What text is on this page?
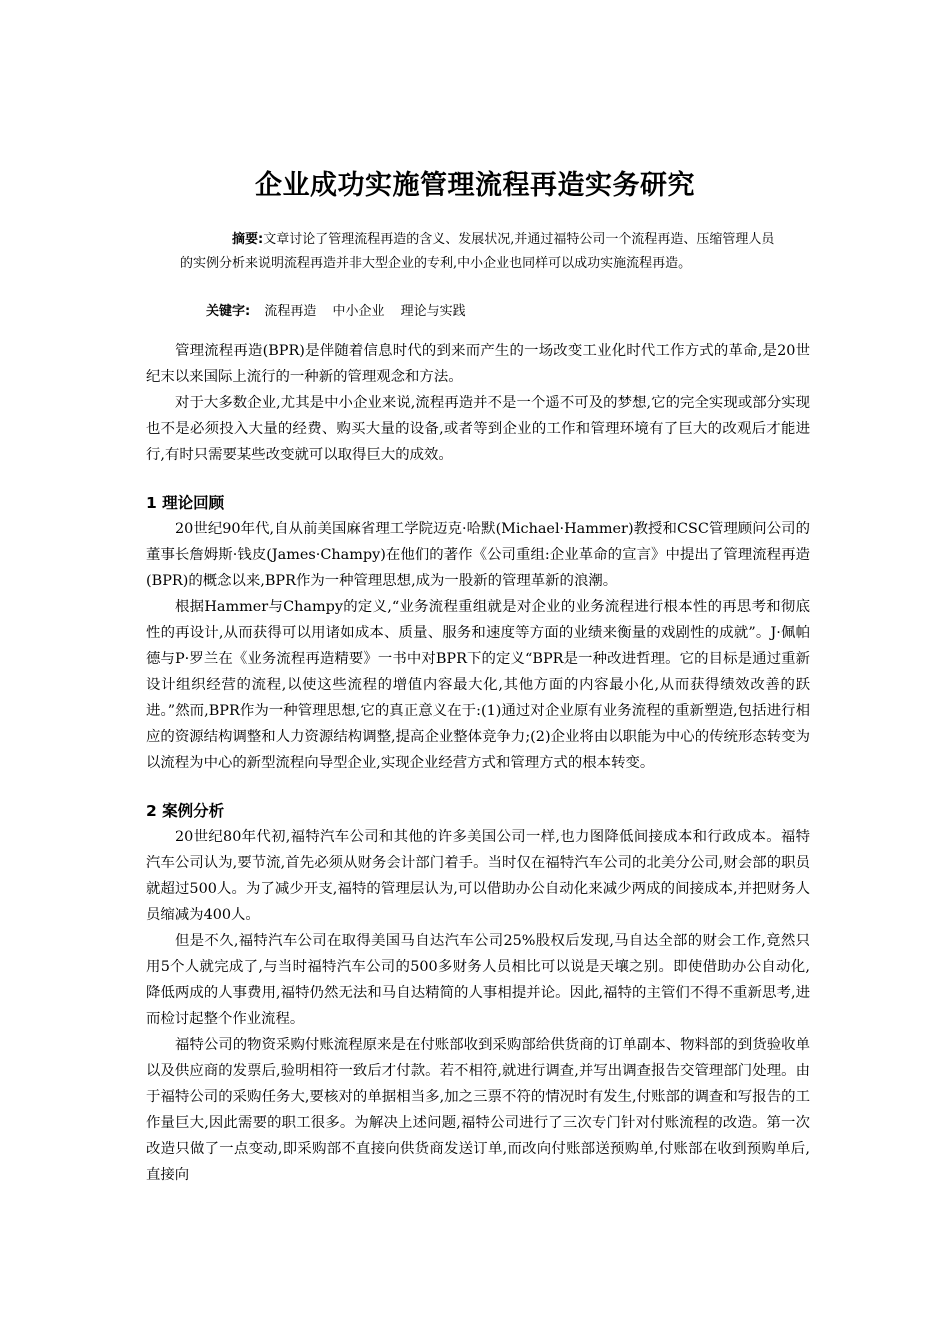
企业成功实施管理流程再造实务研究
摘要:文章讨论了管理流程再造的含义、发展状况,并通过福特公司一个流程再造、压缩管理人员的实例分析来说明流程再造并非大型企业的专利,中小企业也同样可以成功实施流程再造。
关键字: 流程再造 中小企业 理论与实践

管理流程再造(BPR)是伴随着信息时代的到来而产生的一场改变工业化时代工作方式的革命,是20世纪末以来国际上流行的一种新的管理观念和方法。

对于大多数企业,尤其是中小企业来说,流程再造并不是一个遥不可及的梦想,它的完全实现或部分实现也不是必须投入大量的经费、购买大量的设备,或者等到企业的工作和管理环境有了巨大的改观后才能进行,有时只需要某些改变就可以取得巨大的成效。

1 理论回顾

20世纪90年代,自从前美国麻省理工学院迈克·哈默(Michael·Hammer)教授和CSC管理顾问公司的董事长詹姆斯·钱皮(James·Champy)在他们的著作《公司重组:企业革命的宣言》中提出了管理流程再造(BPR)的概念以来,BPR作为一种管理思想,成为一股新的管理革新的浪潮。

根据Hammer与Champy的定义,“业务流程重组就是对企业的业务流程进行根本性的再思考和彻底性的再设计,从而获得可以用诸如成本、质量、服务和速度等方面的业绩来衡量的戏剧性的成就”。J·佩帕德与P·罗兰在《业务流程再造精要》一书中对BPR下的定义“BPR是一种改进哲理。它的目标是通过重新设计组织经营的流程,以使这些流程的增值内容最大化,其他方面的内容最小化,从而获得绩效改善的跃进。”然而,BPR作为一种管理思想,它的真正意义在于:(1)通过对企业原有业务流程的重新塑造,包括进行相应的资源结构调整和人力资源结构调整,提高企业整体竞争力;(2)企业将由以职能为中心的传统形态转变为以流程为中心的新型流程向导型企业,实现企业经营方式和管理方式的根本转变。

2 案例分析

20世纪80年代初,福特汽车公司和其他的许多美国公司一样,也力图降低间接成本和行政成本。福特汽车公司认为,要节流,首先必须从财务会计部门着手。当时仅在福特汽车公司的北美分公司,财会部的职员就超过500人。为了减少开支,福特的管理层认为,可以借助办公自动化来减少两成的间接成本,并把财务人员缩减为400人。

但是不久,福特汽车公司在取得美国马自达汽车公司25%股权后发现,马自达全部的财会工作,竟然只用5个人就完成了,与当时福特汽车公司的500多财务人员相比可以说是天壤之别。即使借助办公自动化,降低两成的人事费用,福特仍然无法和马自达精简的人事相提并论。因此,福特的主管们不得不重新思考,进而检讨起整个作业流程。

福特公司的物资采购付账流程原来是在付账部收到采购部给供货商的订单副本、物料部的到货验收单以及供应商的发票后,验明相符一致后才付款。若不相符,就进行调查,并写出调查报告交管理部门处理。由于福特公司的采购任务大,要核对的单据相当多,加之三票不符的情况时有发生,付账部的调查和写报告的工作量巨大,因此需要的职工很多。为解决上述问题,福特公司进行了三次专门针对付账流程的改造。第一次改造只做了一点变动,即采购部不直接向供货商发送订单,而改向付账部送预购单,付账部在收到预购单后,直接向
